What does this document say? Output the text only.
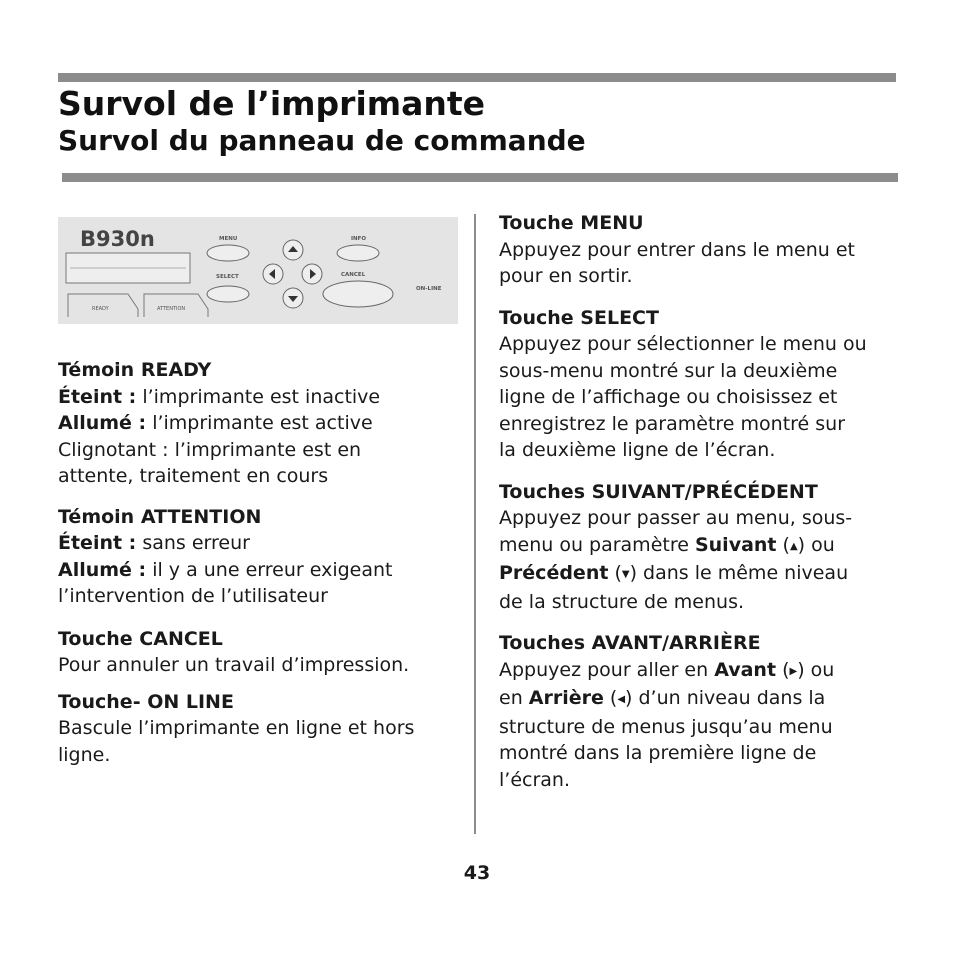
Survol de l’imprimante
Survol du panneau de commande
B930n
READY	ATTENTION
MENU
SELECT
INFO
CANCEL
ON-LINE

Témoin READY

Éteint : l’imprimante est inactive

Allumé : l’imprimante est active

Clignotant : l’imprimante est en

attente, traitement en cours

Témoin ATTENTION

Éteint : sans erreur

Allumé : il y a une erreur exigeant

l’intervention de l’utilisateur

Touche CANCEL

Pour annuler un travail d’impression.

Touche- ON LINE

Bascule l’imprimante en ligne et hors

ligne.

Touche MENU

Appuyez pour entrer dans le menu et

pour en sortir.

Touche SELECT

Appuyez pour sélectionner le menu ou

sous-menu montré sur la deuxième

ligne de l’affichage ou choisissez et

enregistrez le paramètre montré sur

la deuxième ligne de l’écran.

Touches SUIVANT/PRÉCÉDENT

Appuyez pour passer au menu, sous-

menu ou paramètre Suivant (▲) ou

Précédent (▼) dans le même niveau

de la structure de menus.

Touches AVANT/ARRIÈRE

Appuyez pour aller en Avant (▶) ou

en Arrière (◀) d’un niveau dans la

structure de menus jusqu’au menu

montré dans la première ligne de

l’écran.

43
